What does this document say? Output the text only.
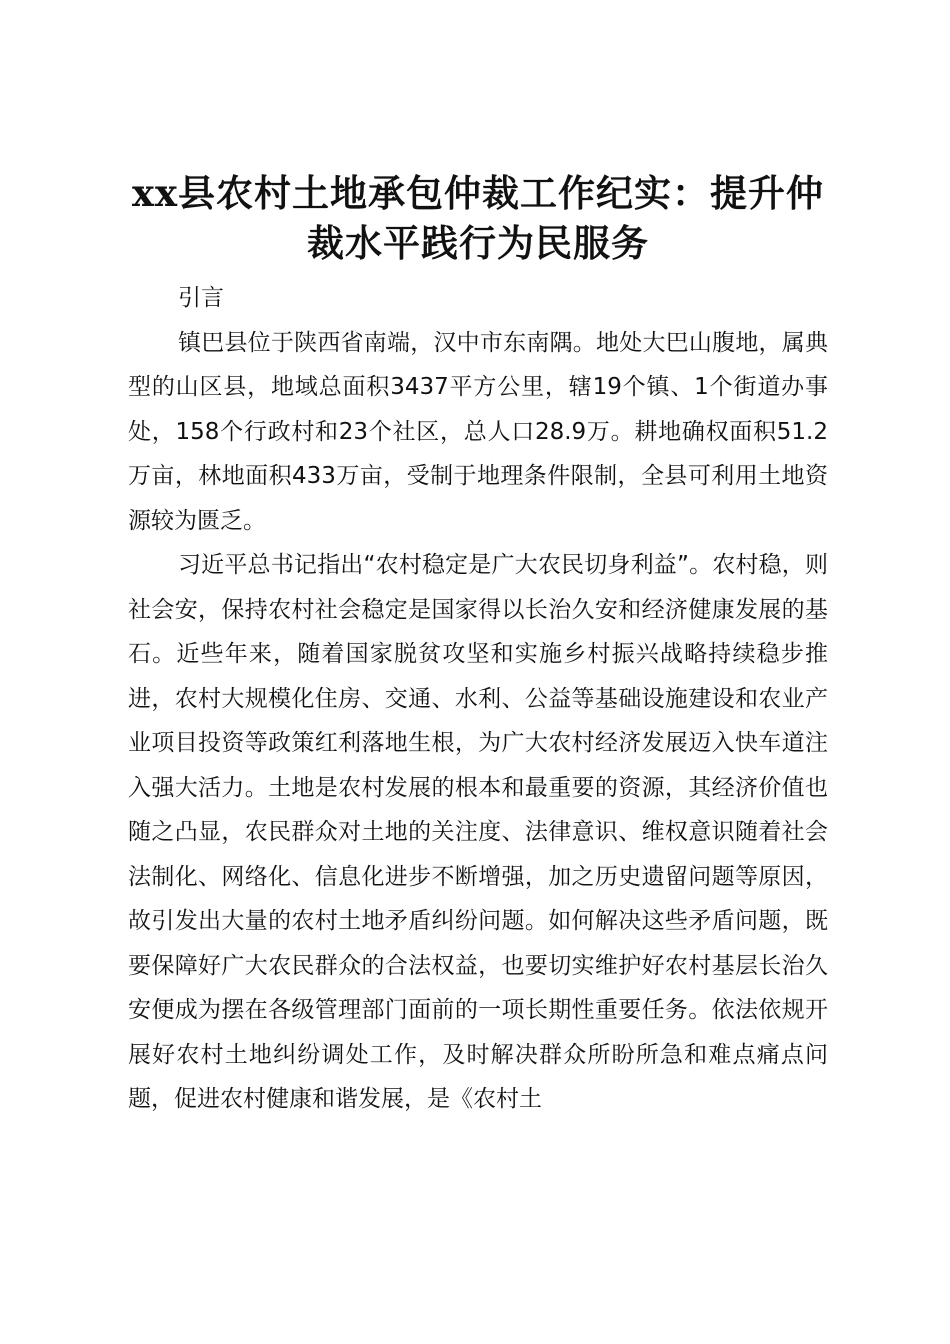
xx县农村土地承包仲裁工作纪实：提升仲裁水平践行为民服务

引言

镇巴县位于陕西省南端，汉中市东南隅。地处大巴山腹地，属典型的山区县，地域总面积3437平方公里，辖19个镇、1个街道办事处，158个行政村和23个社区，总人口28.9万。耕地确权面积51.2万亩，林地面积433万亩，受制于地理条件限制，全县可利用土地资源较为匮乏。

习近平总书记指出“农村稳定是广大农民切身利益”。农村稳，则社会安，保持农村社会稳定是国家得以长治久安和经济健康发展的基石。近些年来，随着国家脱贫攻坚和实施乡村振兴战略持续稳步推进，农村大规模化住房、交通、水利、公益等基础设施建设和农业产业项目投资等政策红利落地生根，为广大农村经济发展迈入快车道注入强大活力。土地是农村发展的根本和最重要的资源，其经济价值也随之凸显，农民群众对土地的关注度、法律意识、维权意识随着社会法制化、网络化、信息化进步不断增强，加之历史遗留问题等原因，故引发出大量的农村土地矛盾纠纷问题。如何解决这些矛盾问题，既要保障好广大农民群众的合法权益，也要切实维护好农村基层长治久安便成为摆在各级管理部门面前的一项长期性重要任务。依法依规开展好农村土地纠纷调处工作，及时解决群众所盼所急和难点痛点问题，促进农村健康和谐发展，是《农村土
